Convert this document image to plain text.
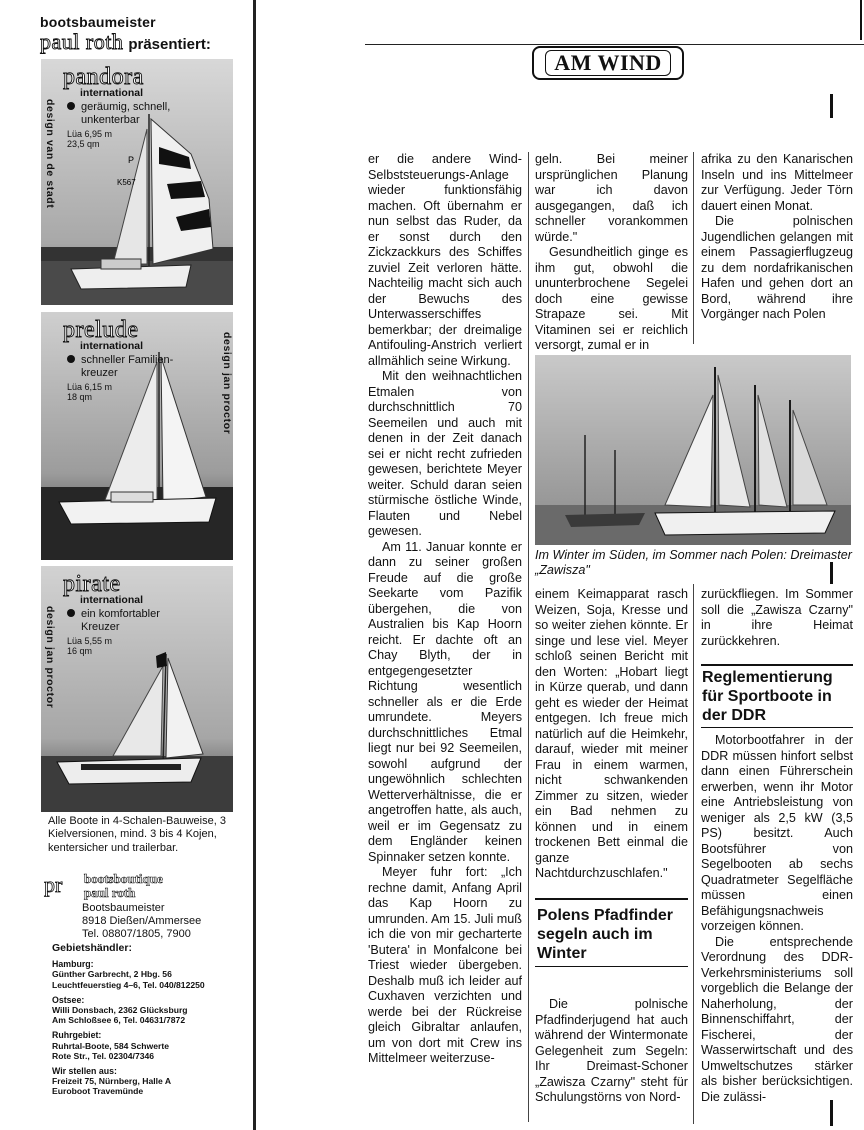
bootsbaumeister
paul roth präsentiert:
P
K567
pandora
international
geräumig, schnell, unkenterbar
Lüa 6,95 m
23,5 qm
design van de stadt
prelude
international
schneller Familien-kreuzer
Lüa 6,15 m
18 qm	design jan proctor
pirate
international
ein komfortabler Kreuzer
Lüa 5,55 m
16 qm
design jan proctor
Alle Boote in 4-Schalen-Bauweise, 3 Kielversionen, mind. 3 bis 4 Kojen, kentersicher und trailerbar.
pr bootsboutique
paul roth
Bootsbaumeister
8918 Dießen/Ammersee
Tel. 08807/1805, 7900
Gebietshändler:
Hamburg:
Günther Garbrecht, 2 Hbg. 56
Leuchtfeuerstieg 4–6, Tel. 040/812250
Ostsee:
Willi Donsbach, 2362 Glücksburg
Am Schloßsee 6, Tel. 04631/7872
Ruhrgebiet:
Ruhrtal-Boote, 584 Schwerte
Rote Str., Tel. 02304/7346
Wir stellen aus:
Freizeit 75, Nürnberg, Halle A
Euroboot Travemünde
AM WIND

er die andere Wind-Selbststeuerungs-Anlage wieder funktionsfähig machen. Oft übernahm er nun selbst das Ruder, da er sonst durch den Zickzackkurs des Schiffes zuviel Zeit verloren hätte. Nachteilig macht sich auch der Bewuchs des Unterwasserschiffes bemerkbar; der dreimalige Antifouling-Anstrich verliert allmählich seine Wirkung.

Mit den weihnachtlichen Etmalen von durchschnittlich 70 Seemeilen und auch mit denen in der Zeit danach sei er nicht recht zufrieden gewesen, berichtete Meyer weiter. Schuld daran seien stürmische östliche Winde, Flauten und Nebel gewesen.

Am 11. Januar konnte er dann zu seiner großen Freude auf die große Seekarte vom Pazifik übergehen, die von Australien bis Kap Hoorn reicht. Er dachte oft an Chay Blyth, der in entgegengesetzter Richtung wesentlich schneller als er die Erde umrundete. Meyers durchschnittliches Etmal liegt nur bei 92 Seemeilen, sowohl aufgrund der ungewöhnlich schlechten Wetterverhältnisse, die er angetroffen hatte, als auch, weil er im Gegensatz zu dem Engländer keinen Spinnaker setzen konnte.

Meyer fuhr fort: „Ich rechne damit, Anfang April das Kap Hoorn zu umrunden. Am 15. Juli muß ich die von mir gecharterte 'Butera' in Monfalcone bei Triest wieder übergeben. Deshalb muß ich leider auf Cuxhaven verzichten und werde bei der Rückreise gleich Gibraltar anlaufen, um von dort mit Crew ins Mittelmeer weiterzuse-

geln. Bei meiner ursprünglichen Planung war ich davon ausgegangen, daß ich schneller vorankommen würde."

Gesundheitlich ginge es ihm gut, obwohl die ununterbrochene Segelei doch eine gewisse Strapaze sei. Mit Vitaminen sei er reichlich versorgt, zumal er in

afrika zu den Kanarischen Inseln und ins Mittelmeer zur Verfügung. Jeder Törn dauert einen Monat.

Die polnischen Jugendlichen gelangen mit einem Passagierflugzeug zu dem nordafrikanischen Hafen und gehen dort an Bord, während ihre Vorgänger nach Polen

Im Winter im Süden, im Sommer nach Polen: Dreimaster „Zawisza"

einem Keimapparat rasch Weizen, Soja, Kresse und so weiter ziehen könnte. Er singe und lese viel. Meyer schloß seinen Bericht mit den Worten: „Hobart liegt in Kürze querab, und dann geht es wieder der Heimat entgegen. Ich freue mich natürlich auf die Heimkehr, darauf, wieder mit meiner Frau in einem warmen, nicht schwankenden Zimmer zu sitzen, wieder ein Bad nehmen zu können und in einem trockenen Bett einmal die ganze Nachtdurchzuschlafen."

Polens Pfadfinder segeln auch im Winter

Die polnische Pfadfinderjugend hat auch während der Wintermonate Gelegenheit zum Segeln: Ihr Dreimast-Schoner „Zawisza Czarny" steht für Schulungstörns von Nord-

zurückfliegen. Im Sommer soll die „Zawisza Czarny" in ihre Heimat zurückkehren.

Reglementierung für Sportboote in der DDR

Motorbootfahrer in der DDR müssen hinfort selbst dann einen Führerschein erwerben, wenn ihr Motor eine Antriebsleistung von weniger als 2,5 kW (3,5 PS) besitzt. Auch Bootsführer von Segelbooten ab sechs Quadratmeter Segelfläche müssen einen Befähigungsnachweis vorzeigen können.

Die entsprechende Verordnung des DDR-Verkehrsministeriums soll vorgeblich die Belange der Naherholung, der Binnenschiffahrt, der Fischerei, der Wasserwirtschaft und des Umweltschutzes stärker als bisher berücksichtigen. Die zulässi-
